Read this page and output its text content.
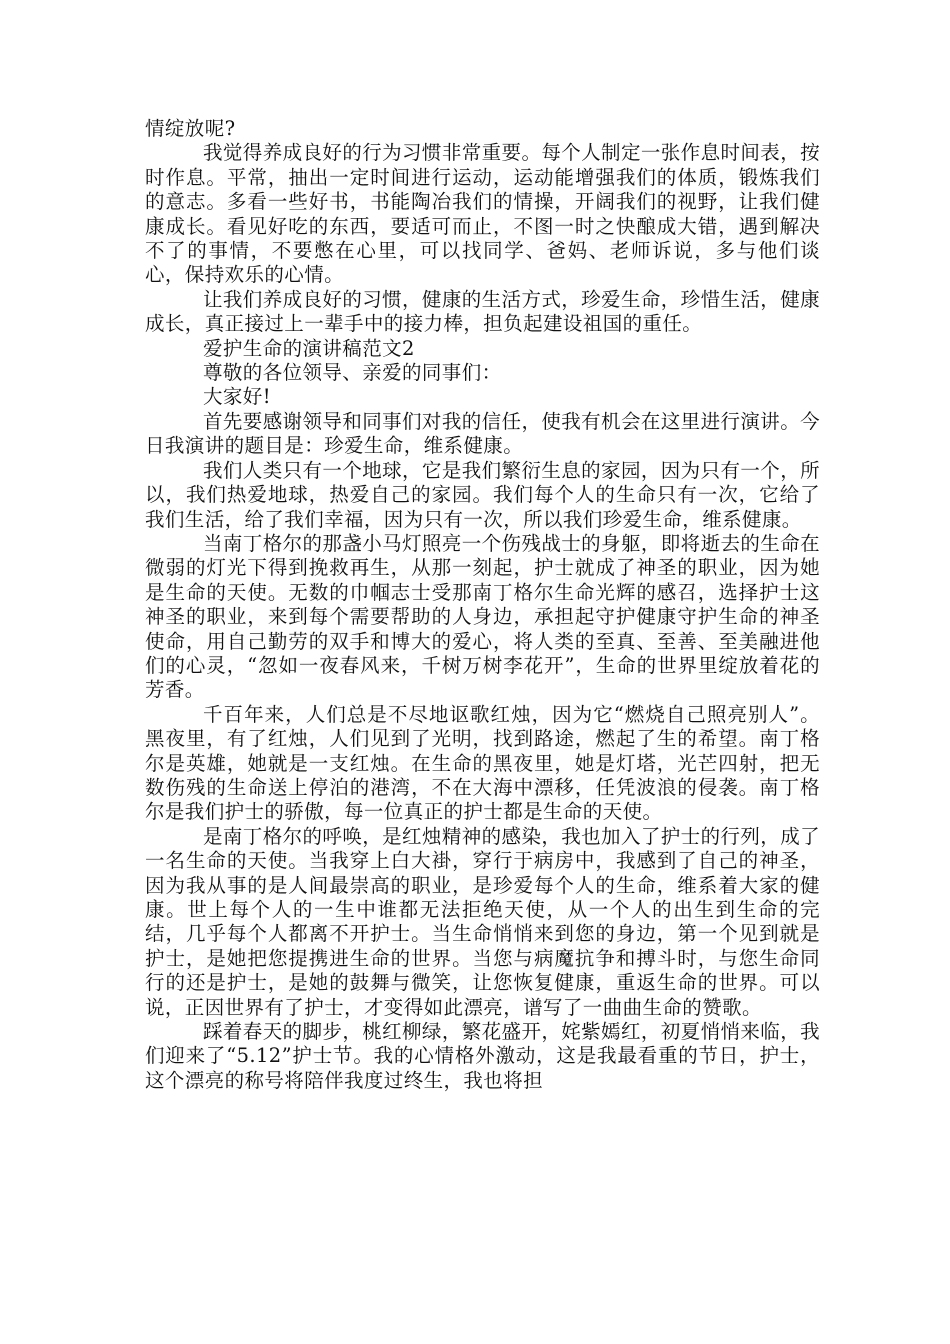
情绽放呢?

我觉得养成良好的行为习惯非常重要。每个人制定一张作息时间表，按时作息。平常，抽出一定时间进行运动，运动能增强我们的体质，锻炼我们的意志。多看一些好书，书能陶冶我们的情操，开阔我们的视野，让我们健康成长。看见好吃的东西，要适可而止，不图一时之快酿成大错，遇到解决不了的事情，不要憋在心里，可以找同学、爸妈、老师诉说，多与他们谈心，保持欢乐的心情。

让我们养成良好的习惯，健康的生活方式，珍爱生命，珍惜生活，健康成长，真正接过上一辈手中的接力棒，担负起建设祖国的重任。

爱护生命的演讲稿范文2

尊敬的各位领导、亲爱的同事们：

大家好!

首先要感谢领导和同事们对我的信任，使我有机会在这里进行演讲。今日我演讲的题目是：珍爱生命，维系健康。

我们人类只有一个地球，它是我们繁衍生息的家园，因为只有一个，所以，我们热爱地球，热爱自己的家园。我们每个人的生命只有一次，它给了我们生活，给了我们幸福，因为只有一次，所以我们珍爱生命，维系健康。

当南丁格尔的那盏小马灯照亮一个伤残战士的身躯，即将逝去的生命在微弱的灯光下得到挽救再生，从那一刻起，护士就成了神圣的职业，因为她是生命的天使。无数的巾帼志士受那南丁格尔生命光辉的感召，选择护士这神圣的职业，来到每个需要帮助的人身边，承担起守护健康守护生命的神圣使命，用自己勤劳的双手和博大的爱心，将人类的至真、至善、至美融进他们的心灵，“忽如一夜春风来，千树万树李花开”，生命的世界里绽放着花的芳香。

千百年来，人们总是不尽地讴歌红烛，因为它“燃烧自己照亮别人”。黑夜里，有了红烛，人们见到了光明，找到路途，燃起了生的希望。南丁格尔是英雄，她就是一支红烛。在生命的黑夜里，她是灯塔，光芒四射，把无数伤残的生命送上停泊的港湾，不在大海中漂移，任凭波浪的侵袭。南丁格尔是我们护士的骄傲，每一位真正的护士都是生命的天使。

是南丁格尔的呼唤，是红烛精神的感染，我也加入了护士的行列，成了一名生命的天使。当我穿上白大褂，穿行于病房中，我感到了自己的神圣，因为我从事的是人间最崇高的职业，是珍爱每个人的生命，维系着大家的健康。世上每个人的一生中谁都无法拒绝天使，从一个人的出生到生命的完结，几乎每个人都离不开护士。当生命悄悄来到您的身边，第一个见到就是护士，是她把您提携进生命的世界。当您与病魔抗争和搏斗时，与您生命同行的还是护士，是她的鼓舞与微笑，让您恢复健康，重返生命的世界。可以说，正因世界有了护士，才变得如此漂亮，谱写了一曲曲生命的赞歌。

踩着春天的脚步，桃红柳绿，繁花盛开，姹紫嫣红，初夏悄悄来临，我们迎来了“5.12”护士节。我的心情格外激动，这是我最看重的节日，护士，这个漂亮的称号将陪伴我度过终生，我也将担
